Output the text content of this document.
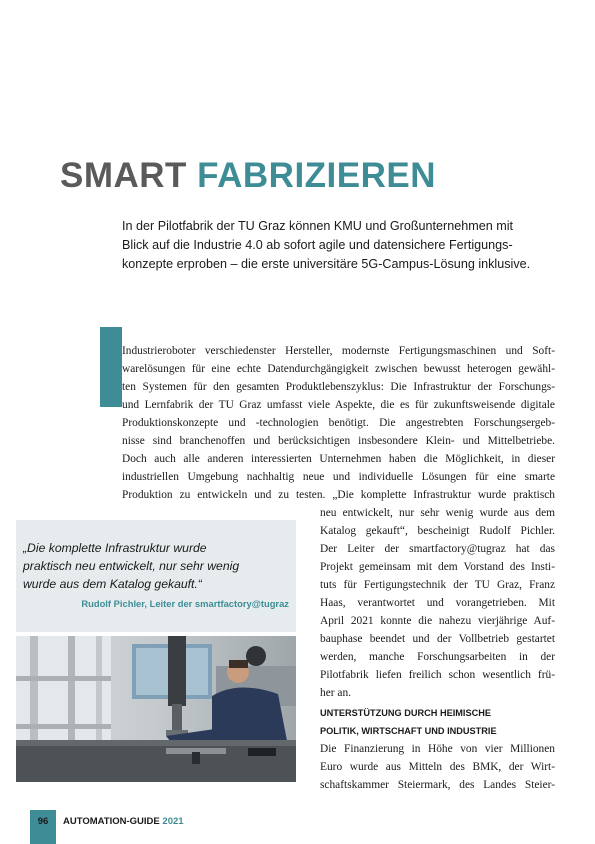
SMART FABRIZIEREN
In der Pilotfabrik der TU Graz können KMU und Großunternehmen mit
Blick auf die Industrie 4.0 ab sofort agile und datensichere Fertigungs-
konzepte erproben – die erste universitäre 5G-Campus-Lösung inklusive.
Industrieroboter verschiedenster Hersteller, modernste Fertigungsmaschinen und Soft-
warelösungen für eine echte Datendurchgängigkeit zwischen bewusst heterogen gewähl-
ten Systemen für den gesamten Produktlebenszyklus: Die Infrastruktur der Forschungs-
und Lernfabrik der TU Graz umfasst viele Aspekte, die es für zukunftsweisende digitale
Produktionskonzepte und -technologien benötigt. Die angestrebten Forschungsergeb-
nisse sind branchenoffen und berücksichtigen insbesondere Klein- und Mittelbetriebe.
Doch auch alle anderen interessierten Unternehmen haben die Möglichkeit, in dieser
industriellen Umgebung nachhaltig neue und individuelle Lösungen für eine smarte
Produktion zu entwickeln und zu testen. „Die komplette Infrastruktur wurde praktisch
neu entwickelt, nur sehr wenig wurde aus dem
Katalog gekauft“, bescheinigt Rudolf Pichler.
Der Leiter der smartfactory@tugraz hat das
Projekt gemeinsam mit dem Vorstand des Insti-
tuts für Fertigungstechnik der TU Graz, Franz
Haas, verantwortet und vorangetrieben. Mit
April 2021 konnte die nahezu vierjährige Auf-
bauphase beendet und der Vollbetrieb gestartet
werden, manche Forschungsarbeiten in der
Pilotfabrik liefen freilich schon wesentlich frü-
her an.
UNTERSTÜTZUNG DURCH HEIMISCHE
POLITIK, WIRTSCHAFT UND INDUSTRIE
Die Finanzierung in Höhe von vier Millionen
Euro wurde aus Mitteln des BMK, der Wirt-
schaftskammer Steiermark, des Landes Steier-
„Die komplette Infrastruktur wurde
praktisch neu entwickelt, nur sehr wenig
wurde aus dem Katalog gekauft.“
Rudolf Pichler, Leiter der smartfactory@tugraz
96	AUTOMATION-GUIDE 2021
